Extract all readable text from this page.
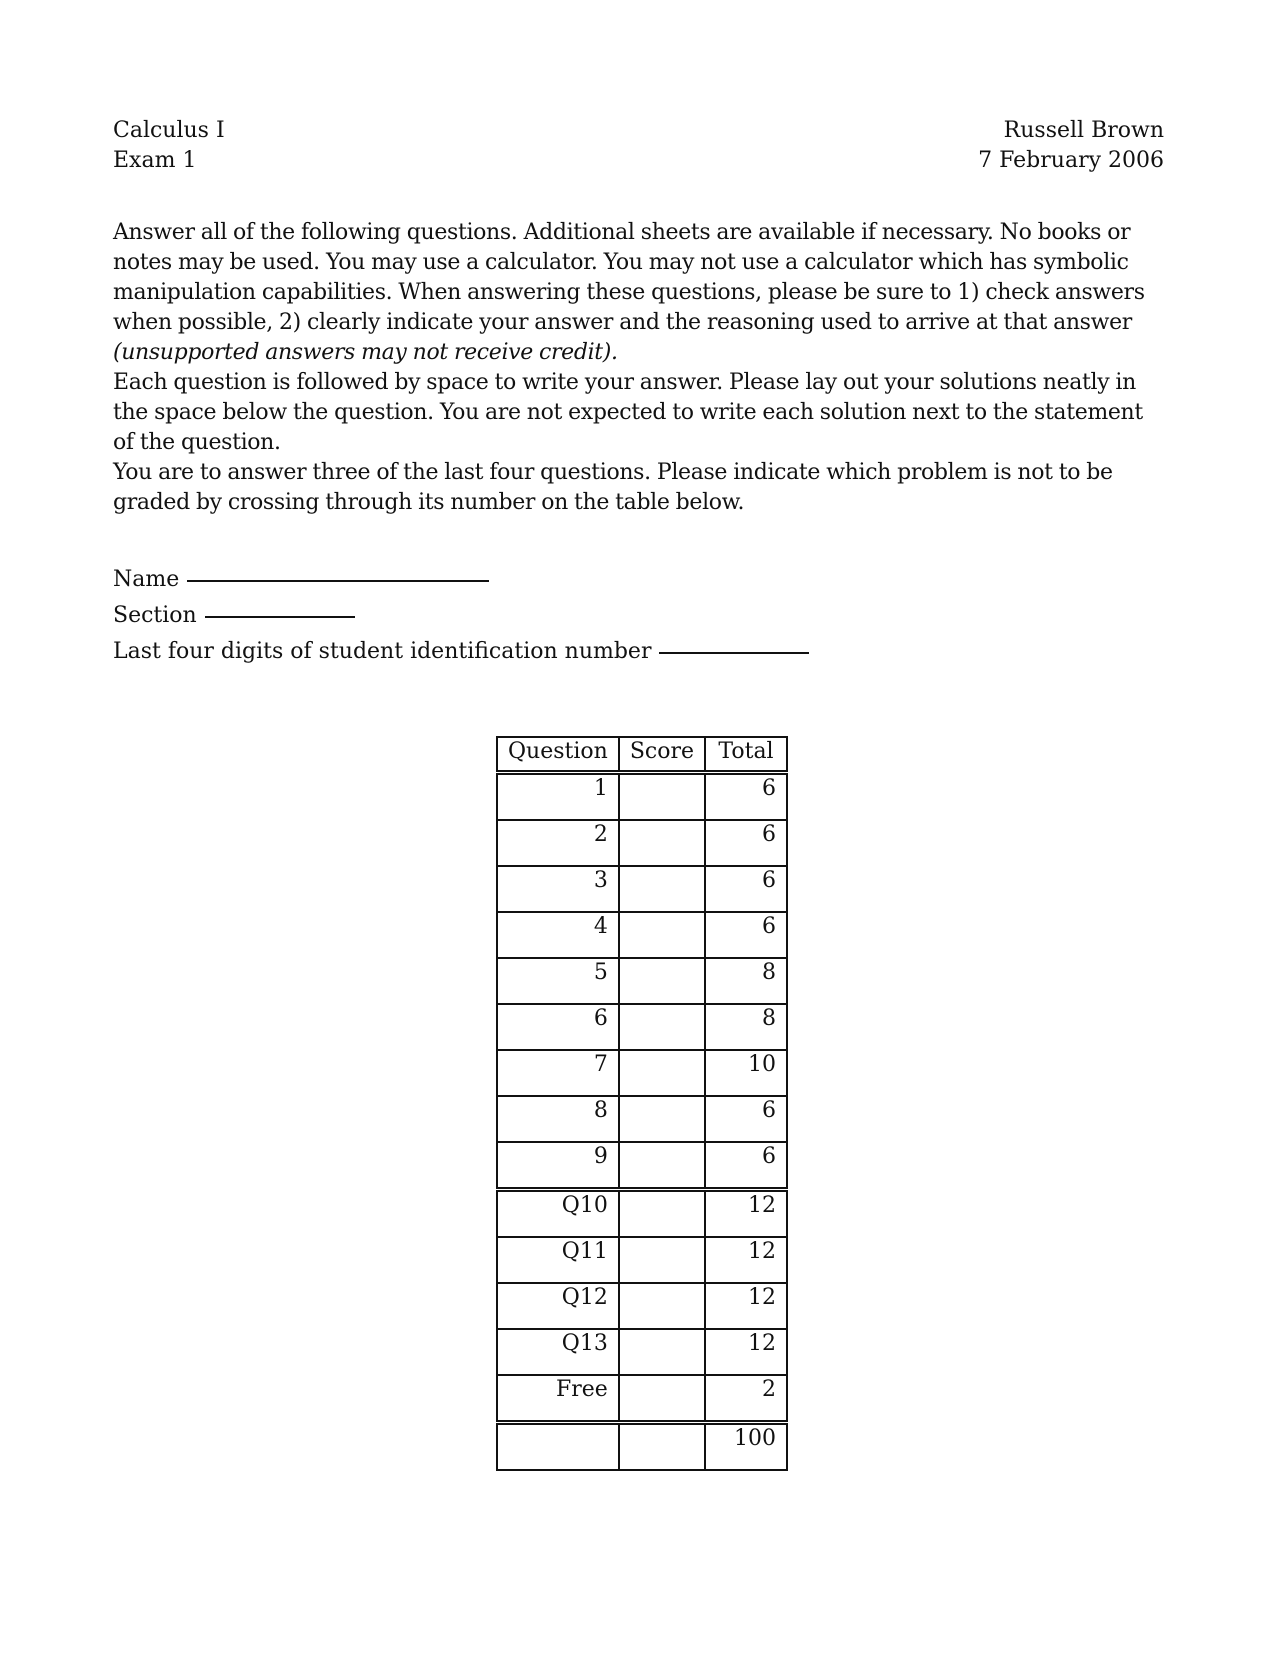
Calculus I
Exam 1
Russell Brown
7 February 2006

Answer all of the following questions. Additional sheets are available if necessary. No books or notes may be used. You may use a calculator. You may not use a calculator which has symbolic manipulation capabilities. When answering these questions, please be sure to 1) check answers when possible, 2) clearly indicate your answer and the reasoning used to arrive at that answer (unsupported answers may not receive credit).

Each question is followed by space to write your answer. Please lay out your solutions neatly in the space below the question. You are not expected to write each solution next to the statement of the question.

You are to answer three of the last four questions. Please indicate which problem is not to be graded by crossing through its number on the table below.

Name
Section
Last four digits of student identification number
Question	Score	Total
1		6
2		6
3		6
4		6
5		8
6		8
7		10
8		6
9		6
Q10		12
Q11		12
Q12		12
Q13		12
Free		2
		100
